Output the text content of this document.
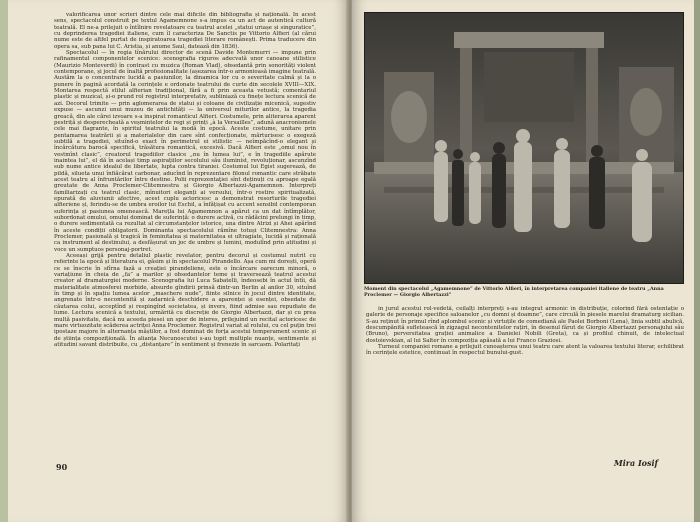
valorificarea unor scrieri dintre cele mai dificile din bibliografia și națională. În acest sens, spectacolul construit pe textul Agamemnone s-a impus ca un act de autentică cultură teatrală. El ne-a prilejuit o întîlnire revelatoare cu teatrul acelei „statui uriașe și singuratice”, cu deprinderea tragediei italiene, cum îl caracteriza De Sanctis pe Vittorio Alfieri (al cărui nume este de altfel purtat de inspiratoarea tragediei literare românești. Prima traducere din opera sa, sub pana lui C. Aristia, și anume Saul, datează din 1836).

Spectacolul — în regia tînărului director de scenă Davide Montemurri — impune prin rafinamentul componentelor scenice: scenografia riguros adecvată unor canoane stilistice (Maurizio Monteverdi) în contrast cu muzica (Roman Vlad), obsedantă prin sonorități violent contemporane, și jocul de înaltă profesionalitate (așezarea într-o armonioasă imagine teatrală. Austăm la o concentrare lucidă a pasiunilor, la dinamica lor cu o severitate calmă și la o punere în pagină acordată la cerințele e ordonate teatrului de curte din secolele XVIII—XIX. Montarea respectă stilul alfierian tradițional, fără a fi prin aceasta vetustă; comentariul plastic și muzical, și-o prund rol registrul interpretativ, subliniază cu finețe lectura scenică de azi. Decorul trimite — prin aglomerarea de statui și coloane de civilizație micenică, sugestiv expuse — ascunzi unui muzeu de antichități — la universul miturilor antice, la tragedia greacă, din ale cărei izvoare s-a inspirat romanticul Alfieri. Costumele, prin aliterarea aparent pestriță și desperecheată a veșmintelor de regi și prinți „à la Versailles”, adună anacronismele cele mai flagrante, în spiritul teatrului la modă în epocă. Aceste costume, unitare prin pentamarea teatrării și a materialelor din care sînt confecționate, mărturisesc o exegeză subtilă a tragediei, situînd-o exact în perimetrul ei stilistic — neîmpăcînd-o elegant și încărcătura barocă specifică, trăsătura romantică, excesivă. Dacă Alfieri este „omul nou în vestmînt clasic”, creatorul tragediilor clasice „nu în lumea lui”, e în tragediile apărute inaintea lui”, el dă în același timp aspirațiilor secolului său iluminist, revoluționar, ascunzînd sub nume antice idealul de libertate, lupta contra tiraniei. Costumul lui Egist sugerează, de pildă, silueta unui înfiăcărat carbonar, aducînd în reprezentare filonul romantic care străbate acest teatru al înfruntărilor între destine. Polii reprezentaţiei sînt deținuți cu aproape egală greutate de Anna Proclemer-Clitemnestra și Giorgio Albertazzi-Agamemnon. Interpreți familiarizați cu teatrul clasic, mînuitori eleganți ai versului, într-o rostire spiritualizată, epurată de aluviunii afective, acest cuplu actoricesc a demonstrat resorturile tragediei alfieriene și, ferindu-se de umbra eroilor lui Eschil, a înfățișat cu accent sensibil contemporan suferința și pasiunea omenească. Marețla lui Agamemnon a apărut ca un dat întîmplător, subordonat omului, omului dominat de suferință: o durere activă, cu rădăcini prelungi în timp, o durere sedimentată ca rezultat al circumstanțelor istorice, una dintre Atrizi și Ahei apărînd în aceste condiții obligatorii. Dominanta spectacolului rămîne totuși Clitemnestra: Anna Proclemer, pasională și tragică în feminitatea și maternitatea ei ultragiate, lucidă și rațională ca instrument al destinului, a desfășurat un joc de umbre și lumini, modulînd prin atitudini și voce un sumptuos personaj-portret.

Aceeași grijă pentru detaliul plastic revelator, pentru decorul și costumul nutrit cu referinte la epocă și literatura ei, găsim și în spectacolul Pirandello. Așa cum mi dorești, operă ce se înscrie în sfîrna fază a creației pirandeliene, este o încărcare oarecum minoră, o variațiune în cheia de „fa” a marilor și obsedantelor teme și traversează teatrul acestui creator al dramaturgiei moderne. Scenografia lui Luca Sabatelli, îndeosebi în actul întîi, dă materialitate atmosferei morbide, absurde gîndirii prinsă dintr-un Berlin al anilor 30, situînd în timp și în spațiu lumea acelor „maschere nude”, fiinte silnice în jocul dintre identitate, angrenate într-o necontenită și zadarnică deschidere a aparenței și esenței, obsedate de căutarea colui, acceptînd și respingînd societatea, și invers, fiind admise sau repudiate de lume. Lectura scenică a textului, urmărită cu discreție de Giorgio Albertazzi, dar și cu prea multă pasivitate, dacă nu aceeda piesei un spor de interes, prilejuind un recital actoricesc de mare virtuozitate scăderea actriței Anna Proclemer. Registrul variat al rolului, cu cel puțin trei ipostaze majore în alternanța măștilor, a fost dominat de forța acestui temperament scenic și de știința compozițională. În alianța Necunoscutei s-au topit multiple nuanțe, sentimente și atitudini savant distribuite, cu „distanțare” în sentiment și frenezie în sarcasm. Polaritați

90
Moment din spectacolul „Agamemnone” de Vittorio Alfieri, în interpretarea companiei italiene de teatru „Anna Proclemer — Giorgio Albertazzi”

în jurul acestui rol-vedetă, ceilalți interpreți s-au integrat armonic în distribuție, colorînd fără ostentație o galerie de personaje specifice saloanelor „cu domni și doamne”, care circulă în piesele marelui dramaturg sicilian. S-au reținut în primul rînd aplombul scenic și virtuțile de comediană ale Paolei Borboni (Lena), linia subtil abulică, descumpănită sufletească în zigzagul necontenitelor rațiri, în desenul fărut de Giorgio Albertazzi personajului său (Bruno), perversitatea grației animalice a Danielei Nobili (Greta), ca și profilul chinuit, de intelectual dostoievskian, al lui Salter în compoziția apăsată a lui Franco Graziosi.

Turneul companiei romane a prilejuit cunoașterea unui teatru care atent la valoarea textului literar, echilibrat în cerințele estetice, continuat în respectul bunului-gust.

Mira Iosif
